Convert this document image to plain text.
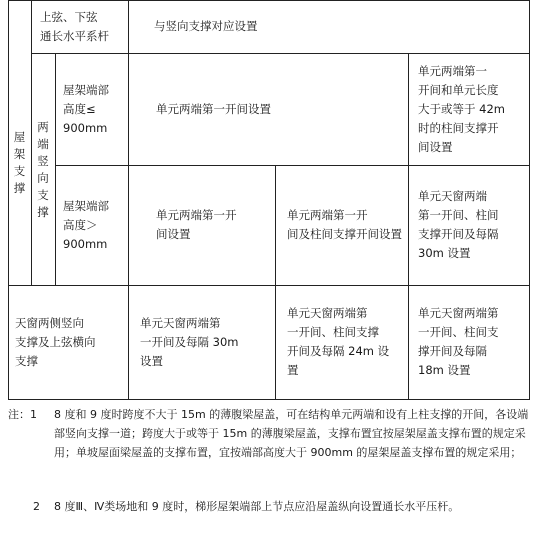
屋
架
支
撑
两
端
竖
向
支
撑
上弦、下弦
通长水平系杆
与竖向支撑对应设置
屋架端部
高度≤
900mm
单元两端第一开间设置
单元两端第一
开间和单元长度
大于或等于 42m
时的柱间支撑开
间设置
屋架端部
高度＞
900mm
单元两端第一开
间设置
单元两端第一开
间及柱间支撑开间设置
单元天窗两端
第一开间、柱间
支撑开间及每隔
30m 设置
天窗两侧竖向
支撑及上弦横向
支撑
单元天窗两端第
一开间及每隔 30m
设置
单元天窗两端第
一开间、柱间支撑
开间及每隔 24m 设
置
单元天窗两端第
一开间、柱间支
撑开间及每隔
18m 设置
注：1 8 度和 9 度时跨度不大于 15m 的薄腹梁屋盖，可在结构单元两端和设有上柱支撑的开间，各设端部竖向支撑一道；跨度大于或等于 15m 的薄腹梁屋盖，支撑布置宜按屋架屋盖支撑布置的规定采用；单坡屋面梁屋盖的支撑布置，宜按端部高度大于 900mm 的屋架屋盖支撑布置的规定采用；
2 8 度Ⅲ、Ⅳ类场地和 9 度时，梯形屋架端部上节点应沿屋盖纵向设置通长水平压杆。
